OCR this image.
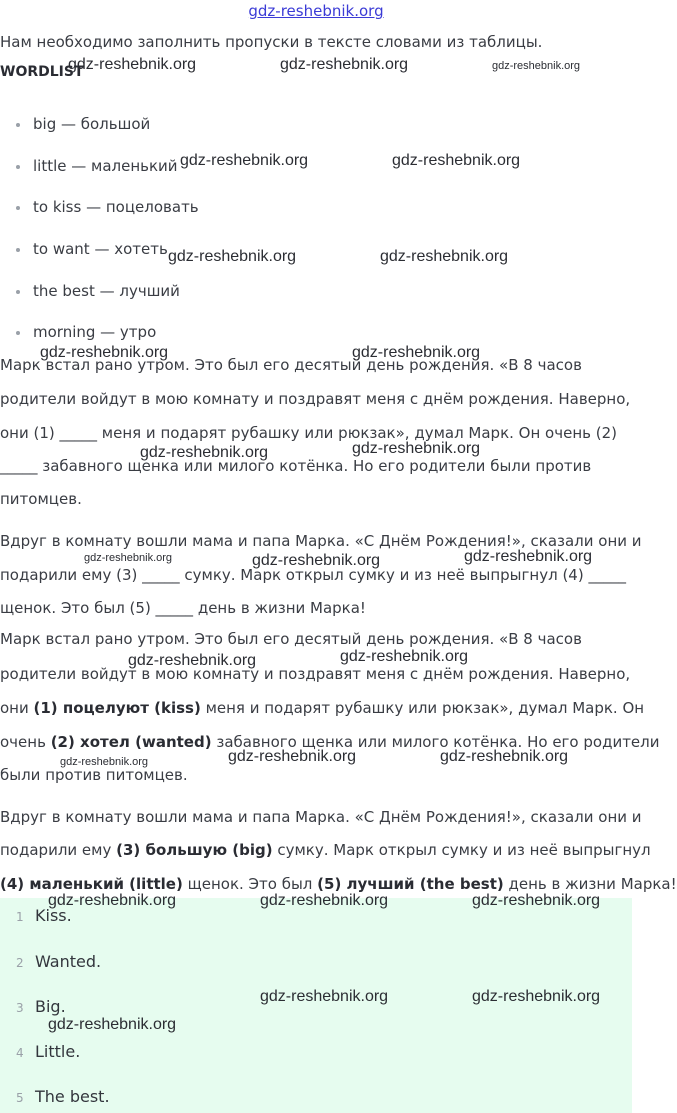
gdz-reshebnik.org
Нам необходимо заполнить пропуски в тексте словами из таблицы.
WORDLIST
big — большой
little — маленький
to kiss — поцеловать
to want — хотеть
the best — лучший
morning — утро
Марк встал рано утром. Это был его десятый день рождения. «В 8 часов
родители войдут в мою комнату и поздравят меня с днём рождения. Наверно,
они (1) _____ меня и подарят рубашку или рюкзак», думал Марк. Он очень (2)
_____ забавного щенка или милого котёнка. Но его родители были против
питомцев.
Вдруг в комнату вошли мама и папа Марка. «С Днём Рождения!», сказали они и
подарили ему (3) _____ сумку. Марк открыл сумку и из неё выпрыгнул (4) _____
щенок. Это был (5) _____ день в жизни Марка!
Марк встал рано утром. Это был его десятый день рождения. «В 8 часов
родители войдут в мою комнату и поздравят меня с днём рождения. Наверно,
они (1) поцелуют (kiss) меня и подарят рубашку или рюкзак», думал Марк. Он
очень (2) хотел (wanted) забавного щенка или милого котёнка. Но его родители
были против питомцев.
Вдруг в комнату вошли мама и папа Марка. «С Днём Рождения!», сказали они и
подарили ему (3) большую (big) сумку. Марк открыл сумку и из неё выпрыгнул
(4) маленький (little) щенок. Это был (5) лучший (the best) день в жизни Марка!
1 Kiss.
2 Wanted.
3 Big.
4 Little.
5 The best.
gdz-reshebnik.org	gdz-reshebnik.org	gdz-reshebnik.org
gdz-reshebnik.org	gdz-reshebnik.org
gdz-reshebnik.org	gdz-reshebnik.org
gdz-reshebnik.org	gdz-reshebnik.org
gdz-reshebnik.org	gdz-reshebnik.org
gdz-reshebnik.org	gdz-reshebnik.org	gdz-reshebnik.org
gdz-reshebnik.org	gdz-reshebnik.org
gdz-reshebnik.org	gdz-reshebnik.org	gdz-reshebnik.org
gdz-reshebnik.org	gdz-reshebnik.org	gdz-reshebnik.org
gdz-reshebnik.org	gdz-reshebnik.org
gdz-reshebnik.org
